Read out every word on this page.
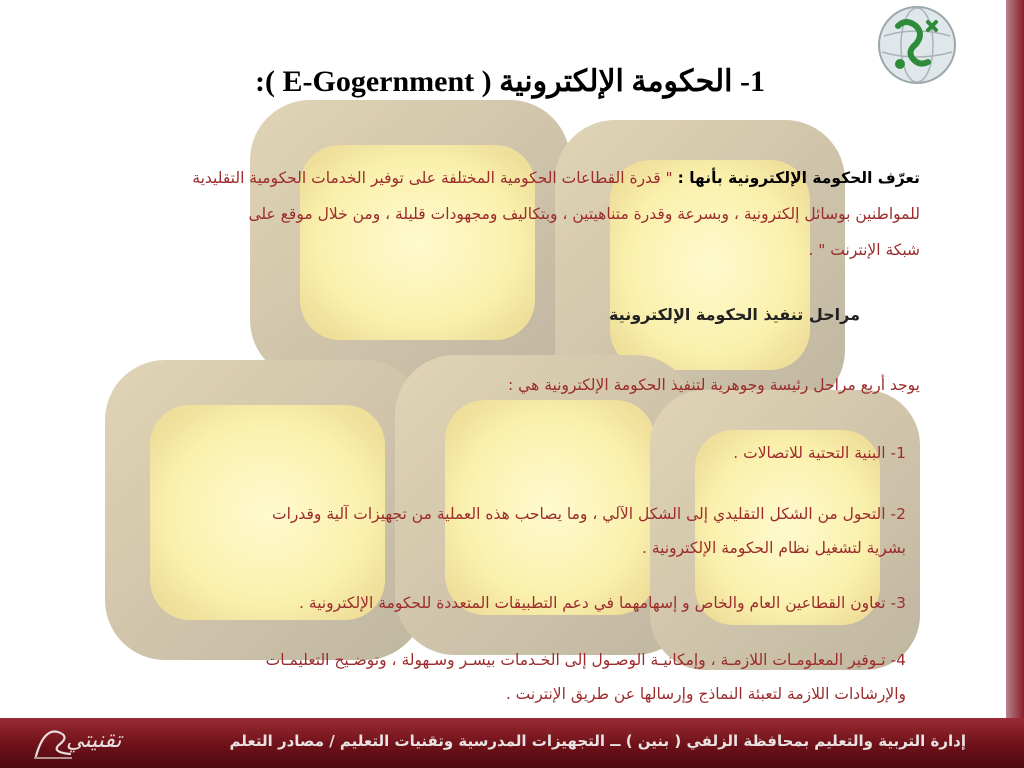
1- الحكومة الإلكترونية ( E-Gogernment ):
تعرّف الحكومة الإلكترونية بأنها : " قدرة القطاعات الحكومية المختلفة على توفير الخدمات الحكومية التقليدية
للمواطنين بوسائل إلكترونية ، وبسرعة وقدرة متناهيتين ، وبتكاليف ومجهودات قليلة ، ومن خلال موقع على
شبكة الإنترنت " .
مراحل تنفيذ الحكومة الإلكترونية
يوجد أربع مراحل رئيسة وجوهرية لتنفيذ الحكومة الإلكترونية هي :
1- البنية التحتية للاتصالات .
2- التحول من الشكل التقليدي إلى الشكل الآلي ، وما يصاحب هذه العملية من تجهيزات آلية وقدرات
بشرية لتشغيل نظام الحكومة الإلكترونية .
3- تعاون القطاعين العام والخاص و إسهامهما في دعم التطبيقات المتعددة للحكومة الإلكترونية .
4- تـوفير المعلومـات اللازمـة ، وإمكانيـة الوصـول إلى الخـدمات بيسـر وسـهولة ، وتوضـيح التعليمـات
والإرشادات اللازمة لتعبئة النماذج وإرسالها عن طريق الإنترنت .
تقنيتي	إدارة التربية والتعليم بمحافظة الزلفي ( بنين ) ــ التجهيزات المدرسية وتقنيات التعليم / مصادر التعلم
